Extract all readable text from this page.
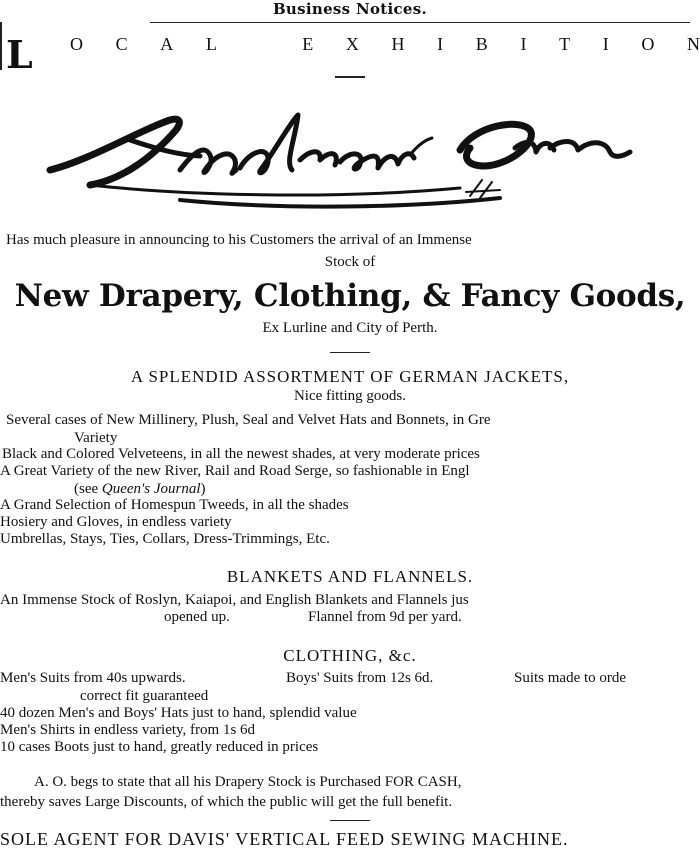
Business Notices.
L O C A L	E X H I B I T I O N
Has much pleasure in announcing to his Customers the arrival of an Immense
Stock of
New Drapery, Clothing, & Fancy Goods,
Ex Lurline and City of Perth.
A SPLENDID ASSORTMENT OF GERMAN JACKETS,
Nice fitting goods.
Several cases of New Millinery, Plush, Seal and Velvet Hats and Bonnets, in Gre
Variety
Black and Colored Velveteens, in all the newest shades, at very moderate prices
A Great Variety of the new River, Rail and Road Serge, so fashionable in Engl
(see Queen's Journal)
A Grand Selection of Homespun Tweeds, in all the shades
Hosiery and Gloves, in endless variety
Umbrellas, Stays, Ties, Collars, Dress-Trimmings, Etc.
BLANKETS AND FLANNELS.
An Immense Stock of Roslyn, Kaiapoi, and English Blankets and Flannels jus
opened up.	Flannel from 9d per yard.
CLOTHING, &c.
Men's Suits from 40s upwards.	Boys' Suits from 12s 6d.	Suits made to orde
correct fit guaranteed
40 dozen Men's and Boys' Hats just to hand, splendid value
Men's Shirts in endless variety, from 1s 6d
10 cases Boots just to hand, greatly reduced in prices
A. O. begs to state that all his Drapery Stock is Purchased FOR CASH,
thereby saves Large Discounts, of which the public will get the full benefit.
SOLE AGENT FOR DAVIS' VERTICAL FEED SEWING MACHINE.
